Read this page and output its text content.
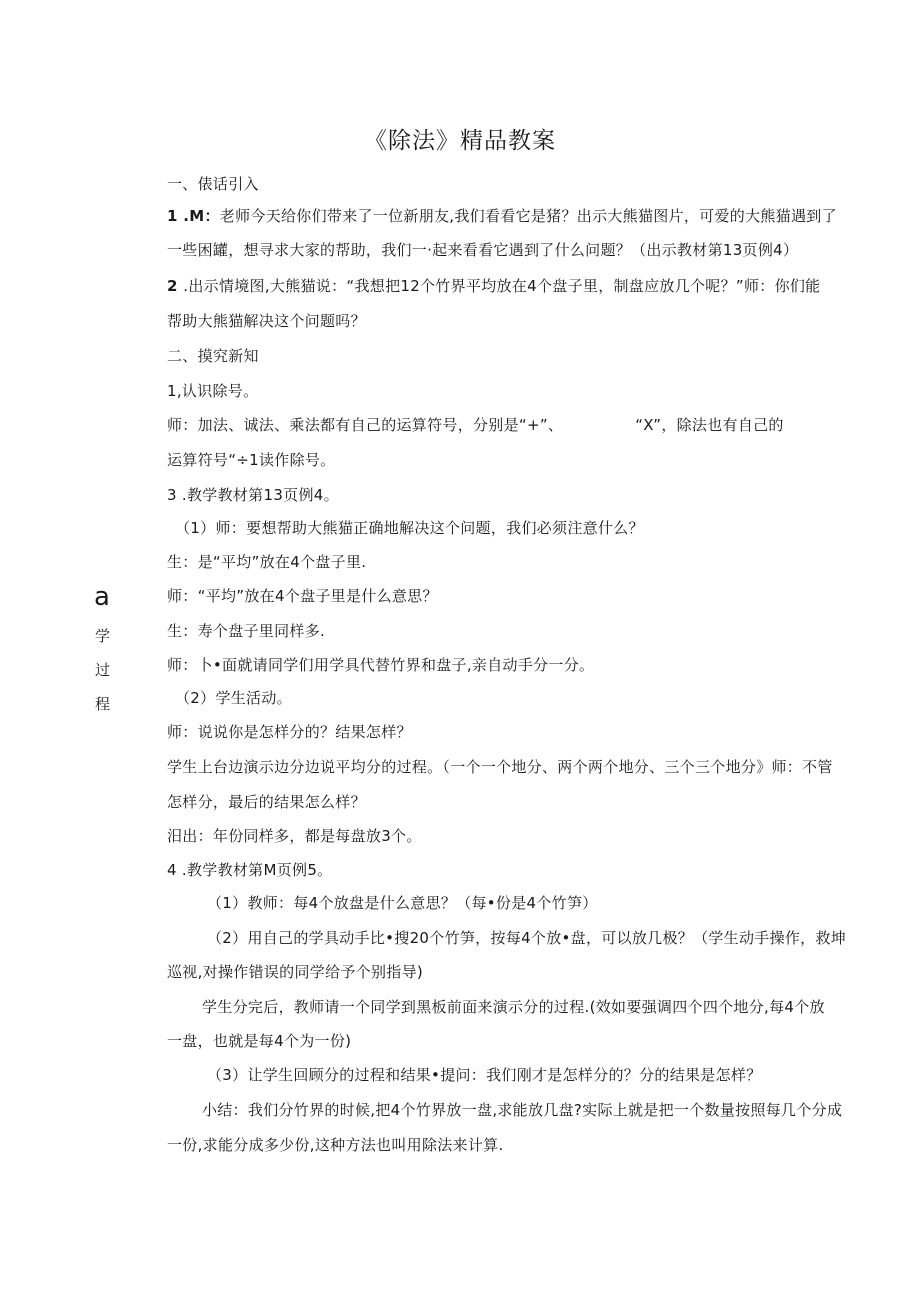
《除法》精品教案
a
学
过
程
一、俵话引入
1 .M：老师今天给你们带来了一位新朋友,我们看看它是猪？出示大熊猫图片，可爱的大熊猫遇到了
一些困罐，想寻求大家的帮助，我们一·起来看看它遇到了什么问题？（出示教材第13页例4）
2 .出示情境图,大熊猫说：“我想把12个竹界平均放在4个盘子里，制盘应放几个呢？”师：你们能
帮助大熊猫解决这个问题吗？
二、摸究新知
1,认识除号。
师：加法、诚法、乘法都有自己的运算符号，分别是“+”、	“X”，除法也有自己的
运算符号“÷1读作除号。
3 .教学教材第13页例4。
（1）师：要想帮助大熊猫正确地解决这个问题，我们必须注意什么？
生：是“平均”放在4个盘子里.
师：“平均”放在4个盘子里是什么意思？
生：寿个盘子里同样多.
师：卜•面就请同学们用学具代替竹界和盘子,亲自动手分一分。
（2）学生活动。
师：说说你是怎样分的？结果怎样？
学生上台边演示边分边说平均分的过程。（一个一个地分、两个两个地分、三个三个地分》师：不管
怎样分，最后的结果怎么样？
汨出：年份同样多，都是每盘放3个。
4 .教学教材第M页例5。
（1）教师：每4个放盘是什么意思？（每•份是4个竹笋）
（2）用自己的学具动手比•搜20个竹笋，按每4个放•盘，可以放几极？（学生动手操作，救坤
巡视,对操作错误的同学给予个别指导)
学生分完后，教师请一个同学到黑板前面来演示分的过程.(效如要强调四个四个地分,每4个放
一盘，也就是每4个为一份)
（3）让学生回顾分的过程和结果•提问：我们刚才是怎样分的？分的结果是怎样？
小结：我们分竹界的时候,把4个竹界放一盘,求能放几盘?实际上就是把一个数量按照每几个分成
一份,求能分成多少份,这种方法也叫用除法来计算.
